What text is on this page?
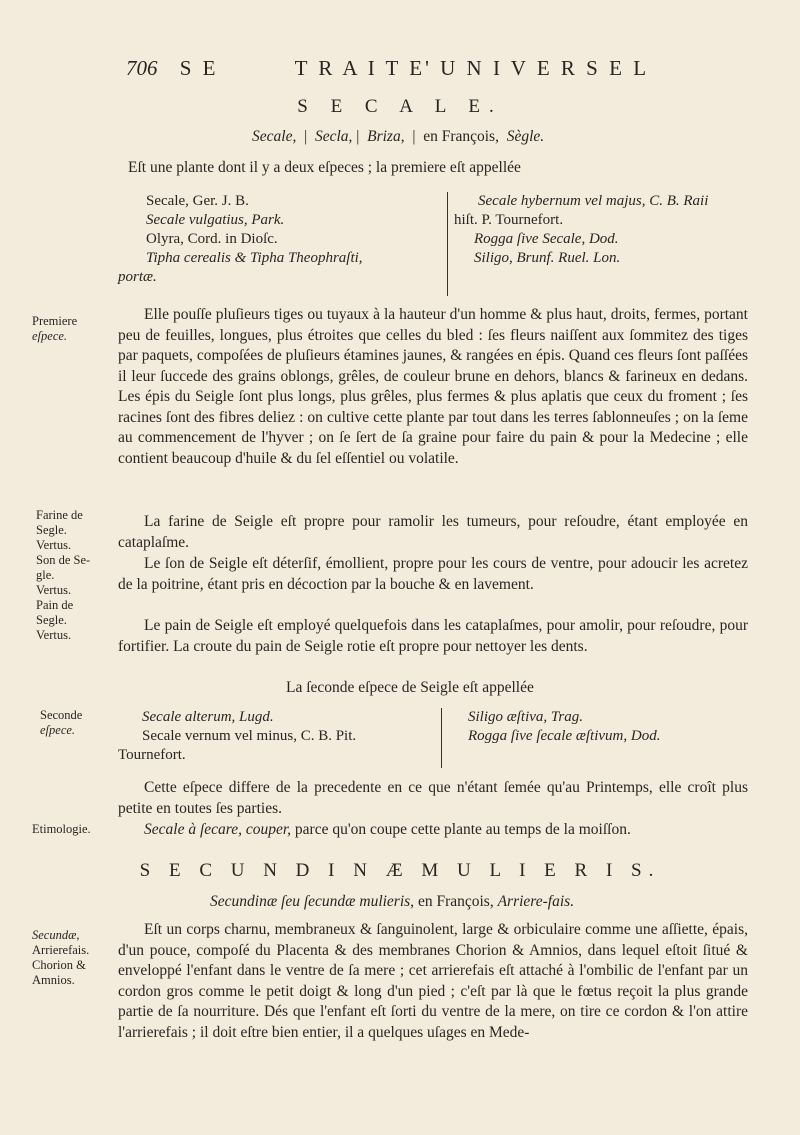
706 S E	T R A I T E' U N I V E R S E L
S E C A L E.
Secale,  |  Secla, |  Briza,  |  en François, Sègle.
Eſt une plante dont il y a deux eſpeces ; la premiere eſt appellée
Secale, Ger. J. B.
Secale vulgatius, Park.
Olyra, Cord. in Dioſc.
Tipha cerealis & Tipha Theophraſti,
portæ.
Secale hybernum vel majus, C. B. Raii
hiſt. P. Tournefort.
Rogga ſive Secale, Dod.
Siligo, Brunf. Ruel. Lon.
Premiere
eſpece.
Farine de
Segle.
Vertus.
Son de Se-
gle.
Vertus.
Pain de
Segle.
Vertus.
Seconde
eſpece.
Etimologie.
Elle pouſſe pluſieurs tiges ou tuyaux à la hauteur d'un homme & plus haut, droits, fermes, portant peu de feuilles, longues, plus étroites que celles du bled : ſes fleurs naiſſent aux ſommitez des tiges par paquets, compoſées de pluſieurs étamines jaunes, & rangées en épis. Quand ces fleurs ſont paſſées il leur ſuccede des grains oblongs, grêles, de couleur brune en dehors, blancs & farineux en dedans. Les épis du Seigle ſont plus longs, plus grêles, plus fermes & plus aplatis que ceux du froment ; ſes racines ſont des fibres deliez : on cultive cette plante par tout dans les terres ſablonneuſes ; on la ſeme au commencement de l'hyver ; on ſe ſert de ſa graine pour faire du pain & pour la Medecine ; elle contient beaucoup d'huile & du ſel eſſentiel ou volatile.
La farine de Seigle eſt propre pour ramolir les tumeurs, pour reſoudre, étant employée en cataplaſme.
Le ſon de Seigle eſt déterſif, émollient, propre pour les cours de ventre, pour adoucir les acretez de la poitrine, étant pris en décoction par la bouche & en lavement.
Le pain de Seigle eſt employé quelquefois dans les cataplaſmes, pour amolir, pour reſoudre, pour fortifier. La croute du pain de Seigle rotie eſt propre pour nettoyer les dents.
La ſeconde eſpece de Seigle eſt appellée
Secale alterum, Lugd.
Secale vernum vel minus, C. B. Pit.
Tournefort.
Siligo æſtiva, Trag.
Rogga ſive ſecale æſtivum, Dod.
Cette eſpece differe de la precedente en ce que n'étant ſemée qu'au Printemps, elle croît plus petite en toutes ſes parties.
Secale à ſecare, couper, parce qu'on coupe cette plante au temps de la moiſſon.
S E C U N D I N Æ M U L I E R I S.
Secundinæ ſeu ſecundæ mulieris, en François, Arriere-fais.
Secundæ,
Arrierefais.
Chorion &
Amnios.
Eſt un corps charnu, membraneux & ſanguinolent, large & orbiculaire comme une aſſiette, épais, d'un pouce, compoſé du Placenta & des membranes Chorion & Amnios, dans lequel eſtoit ſitué & enveloppé l'enfant dans le ventre de ſa mere ; cet arrierefais eſt attaché à l'ombilic de l'enfant par un cordon gros comme le petit doigt & long d'un pied ; c'eſt par là que le fœtus reçoit la plus grande partie de ſa nourriture. Dés que l'enfant eſt ſorti du ventre de la mere, on tire ce cordon & l'on attire l'arrierefais ; il doit eſtre bien entier, il a quelques uſages en Mede-
